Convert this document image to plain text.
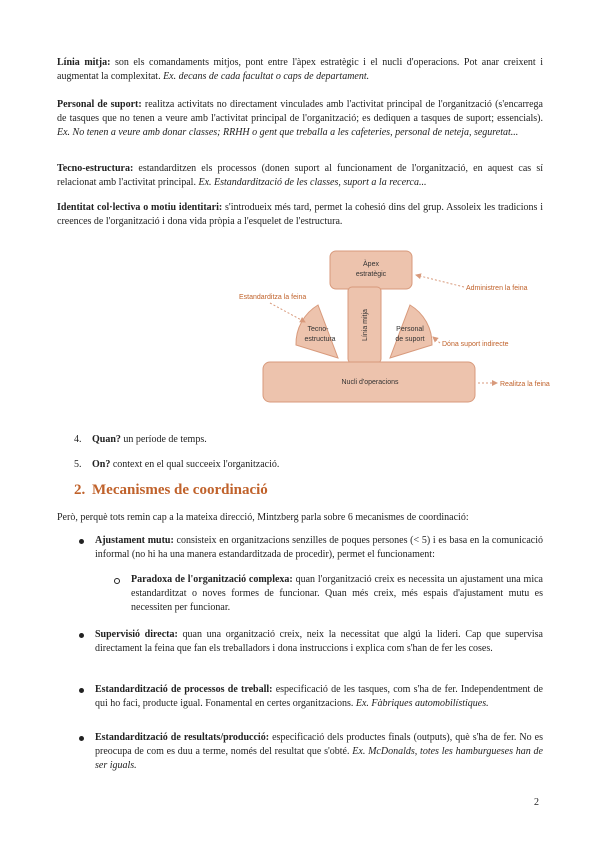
Línia mitja: son els comandaments mitjos, pont entre l'àpex estratègic i el nucli d'operacions. Pot anar creixent i augmentat la complexitat. Ex. decans de cada facultat o caps de departament.

Personal de suport: realitza activitats no directament vinculades amb l'activitat principal de l'organització (s'encarrega de tasques que no tenen a veure amb l'activitat principal de l'organització; es dediquen a tasques de suport; essencials). Ex. No tenen a veure amb donar classes; RRHH o gent que treballa a les cafeteries, personal de neteja, seguretat...

Tecno-estructura: estandarditzen els processos (donen suport al funcionament de l'organització, en aquest cas sí relacionat amb l'activitat principal. Ex. Estandardització de les classes, suport a la recerca...

Identitat col·lectiva o motiu identitari: s'introdueix més tard, permet la cohesió dins del grup. Assoleix les tradicions i creences de l'organització i dona vida pròpia a l'esquelet de l'estructura.

Àpex
estratègic
Línia mitja
Tecno-
estructura
Personal
de suport
Nucli d'operacions
Estandarditza la feina
Administren la feina
Dóna suport indirecte
Realitza la feina
4.	Quan? un període de temps.
5.	On? context en el qual succeeix l'organització.
2. Mecanismes de coordinació

Però, perquè tots remin cap a la mateixa direcció, Mintzberg parla sobre 6 mecanismes de coordinació:

Ajustament mutu: consisteix en organitzacions senzilles de poques persones (< 5) i es basa en la comunicació informal (no hi ha una manera estandarditzada de procedir), permet el funcionament:

Paradoxa de l'organització complexa: quan l'organització creix es necessita un ajustament una mica estandarditzat o noves formes de funcionar. Quan més creix, més espais d'ajustament mutu es necessiten per funcionar.

Supervisió directa: quan una organització creix, neix la necessitat que algú la lideri. Cap que supervisa directament la feina que fan els treballadors i dona instruccions i explica com s'han de fer les coses.

Estandardització de processos de treball: especificació de les tasques, com s'ha de fer. Independentment de qui ho faci, producte igual. Fonamental en certes organitzacions. Ex. Fàbriques automobilístiques.

Estandardització de resultats/producció: especificació dels productes finals (outputs), què s'ha de fer. No es preocupa de com es duu a terme, només del resultat que s'obté. Ex. McDonalds, totes les hamburgueses han de ser iguals.

2
